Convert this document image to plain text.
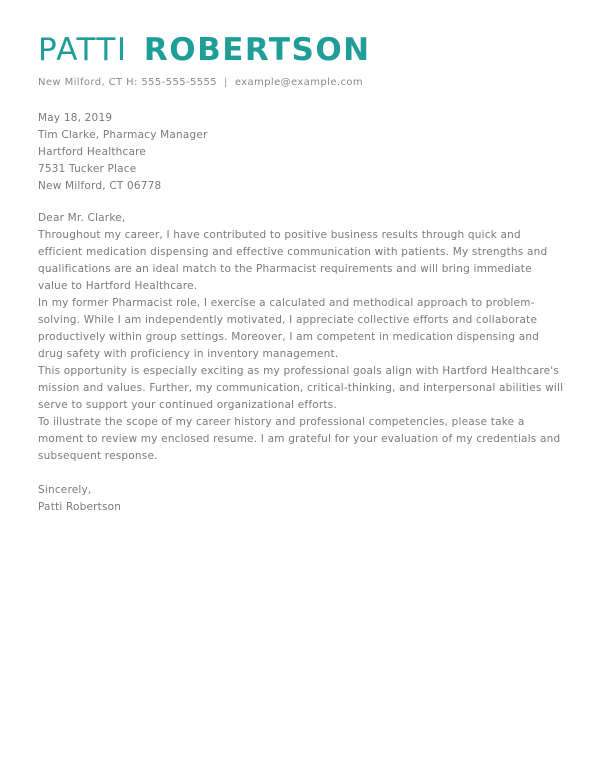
PATTI ROBERTSON
New Milford, CT H: 555-555-5555 | example@example.com

May 18, 2019

Tim Clarke, Pharmacy Manager

Hartford Healthcare

7531 Tucker Place

New Milford, CT 06778

Dear Mr. Clarke,

Throughout my career, I have contributed to positive business results through quick and efficient medication dispensing and effective communication with patients. My strengths and qualifications are an ideal match to the Pharmacist requirements and will bring immediate value to Hartford Healthcare.

In my former Pharmacist role, I exercise a calculated and methodical approach to problem-solving. While I am independently motivated, I appreciate collective efforts and collaborate productively within group settings. Moreover, I am competent in medication dispensing and drug safety with proficiency in inventory management.

This opportunity is especially exciting as my professional goals align with Hartford Healthcare's mission and values. Further, my communication, critical-thinking, and interpersonal abilities will serve to support your continued organizational efforts.

To illustrate the scope of my career history and professional competencies, please take a moment to review my enclosed resume. I am grateful for your evaluation of my credentials and subsequent response.

Sincerely,

Patti Robertson
